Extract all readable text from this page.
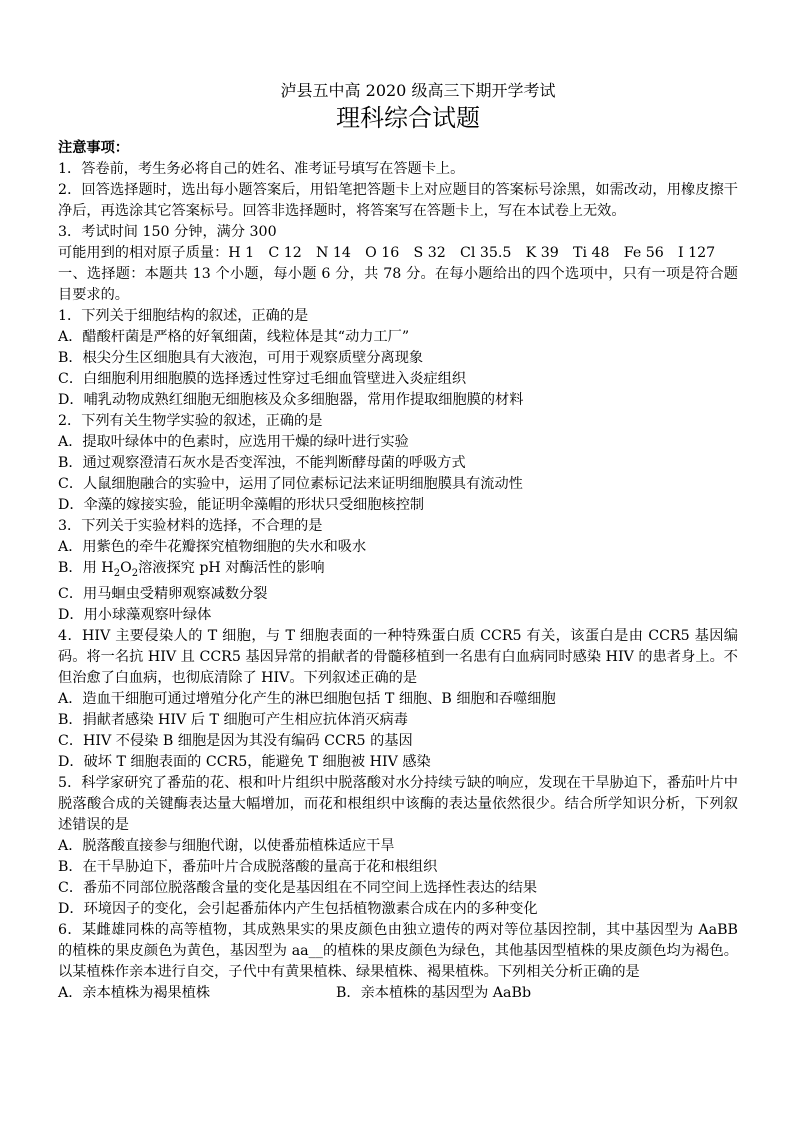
泸县五中高 2020 级高三下期开学考试
理科综合试题
注意事项：
1．答卷前，考生务必将自己的姓名、准考证号填写在答题卡上。
2．回答选择题时，选出每小题答案后，用铅笔把答题卡上对应题目的答案标号涂黑，如需改动，用橡皮擦干净后，再选涂其它答案标号。回答非选择题时，将答案写在答题卡上，写在本试卷上无效。
3．考试时间 150 分钟，满分 300
可能用到的相对原子质量：H 1　C 12　N 14　O 16　S 32　Cl 35.5　K 39　Ti 48　Fe 56　I 127
一、选择题：本题共 13 个小题，每小题 6 分，共 78 分。在每小题给出的四个选项中，只有一项是符合题目要求的。
1．下列关于细胞结构的叙述，正确的是
A．醋酸杆菌是严格的好氧细菌，线粒体是其“动力工厂”
B．根尖分生区细胞具有大液泡，可用于观察质壁分离现象
C．白细胞利用细胞膜的选择透过性穿过毛细血管壁进入炎症组织
D．哺乳动物成熟红细胞无细胞核及众多细胞器，常用作提取细胞膜的材料
2．下列有关生物学实验的叙述，正确的是
A．提取叶绿体中的色素时，应选用干燥的绿叶进行实验
B．通过观察澄清石灰水是否变浑浊，不能判断酵母菌的呼吸方式
C．人鼠细胞融合的实验中，运用了同位素标记法来证明细胞膜具有流动性
D．伞藻的嫁接实验，能证明伞藻帽的形状只受细胞核控制
3．下列关于实验材料的选择，不合理的是
A．用紫色的牵牛花瓣探究植物细胞的失水和吸水
B．用 $H_2O_2$溶液探究 pH 对酶活性的影响
C．用马蛔虫受精卵观察减数分裂
D．用小球藻观察叶绿体
4．HIV 主要侵染人的 T 细胞，与 T 细胞表面的一种特殊蛋白质 CCR5 有关，该蛋白是由 CCR5 基因编码。将一名抗 HIV 且 CCR5 基因异常的捐献者的骨髓移植到一名患有白血病同时感染 HIV 的患者身上。不但治愈了白血病，也彻底清除了 HIV。下列叙述正确的是
A．造血干细胞可通过增殖分化产生的淋巴细胞包括 T 细胞、B 细胞和吞噬细胞
B．捐献者感染 HIV 后 T 细胞可产生相应抗体消灭病毒
C．HIV 不侵染 B 细胞是因为其没有编码 CCR5 的基因
D．破坏 T 细胞表面的 CCR5，能避免 T 细胞被 HIV 感染
5．科学家研究了番茄的花、根和叶片组织中脱落酸对水分持续亏缺的响应，发现在干旱胁迫下，番茄叶片中脱落酸合成的关键酶表达量大幅增加，而花和根组织中该酶的表达量依然很少。结合所学知识分析，下列叙述错误的是
A．脱落酸直接参与细胞代谢，以使番茄植株适应干旱
B．在干旱胁迫下，番茄叶片合成脱落酸的量高于花和根组织
C．番茄不同部位脱落酸含量的变化是基因组在不同空间上选择性表达的结果
D．环境因子的变化，会引起番茄体内产生包括植物激素合成在内的多种变化
6．某雌雄同株的高等植物，其成熟果实的果皮颜色由独立遗传的两对等位基因控制，其中基因型为 AaBB 的植株的果皮颜色为黄色，基因型为 aa__的植株的果皮颜色为绿色，其他基因型植株的果皮颜色均为褐色。以某植株作亲本进行自交，子代中有黄果植株、绿果植株、褐果植株。下列相关分析正确的是
A．亲本植株为褐果植株	B．亲本植株的基因型为 AaBb
